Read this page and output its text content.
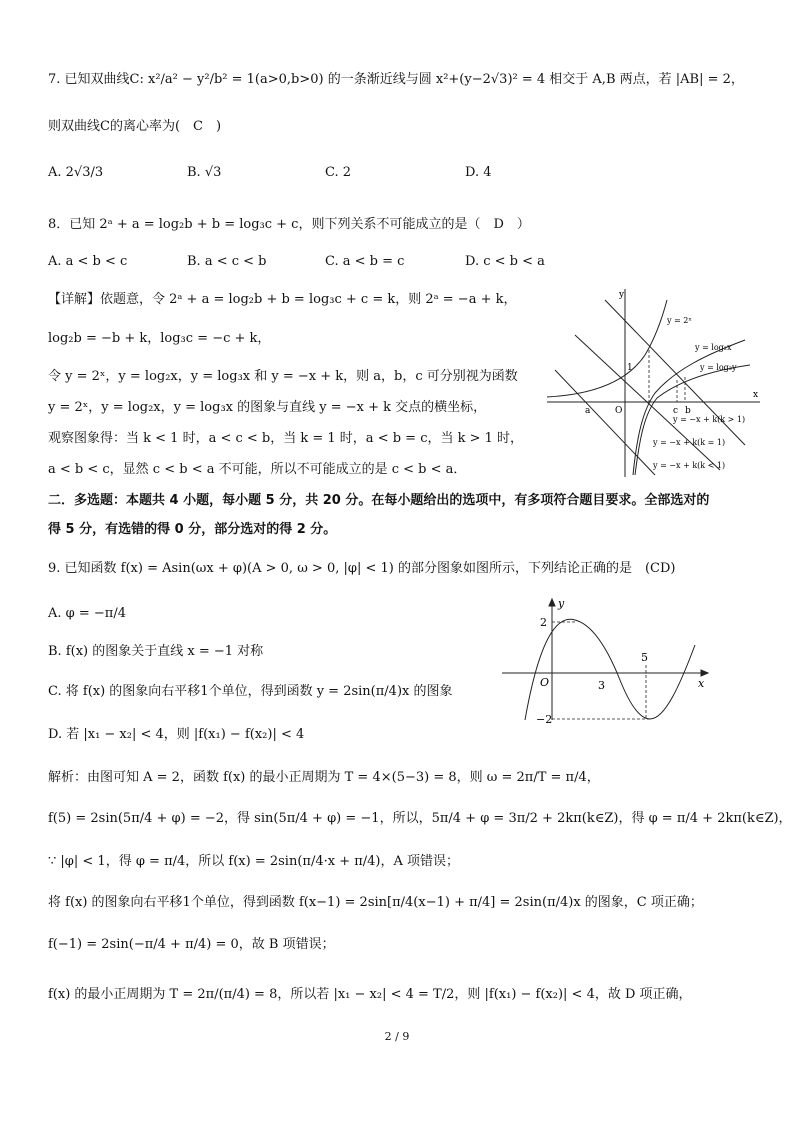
7. 已知双曲线C: x²/a² − y²/b² = 1(a>0,b>0) 的一条渐近线与圆 x²+(y−2√3)² = 4 相交于 A,B 两点，若 |AB| = 2，
则双曲线C的离心率为(　C　)
A. 2√3/3	B. √3	C. 2	D. 4
8．已知 2ᵃ + a = log₂b + b = log₃c + c，则下列关系不可能成立的是（　D　）
A. a < b < c	B. a < c < b	C. a < b = c	D. c < b < a
【详解】依题意，令 2ᵃ + a = log₂b + b = log₃c + c = k，则 2ᵃ = −a + k，
log₂b = −b + k，log₃c = −c + k，
令 y = 2ˣ，y = log₂x，y = log₃x 和 y = −x + k，则 a，b，c 可分别视为函数
y = 2ˣ，y = log₂x，y = log₃x 的图象与直线 y = −x + k 交点的横坐标，
观察图象得：当 k < 1 时，a < c < b，当 k = 1 时，a < b = c，当 k > 1 时，
a < b < c，显然 c < b < a 不可能，所以不可能成立的是 c < b < a．
y
x
O
1
a	c b
y = 2ˣ
y = log₂x
y = log₃y
y = −x + k(k > 1)
y = −x + k(k = 1)
y = −x + k(k < 1)
二．多选题：本题共 4 小题，每小题 5 分，共 20 分。在每小题给出的选项中，有多项符合题目要求。全部选对的
得 5 分，有选错的得 0 分，部分选对的得 2 分。
9. 已知函数 f(x) = Asin(ωx + φ)(A > 0, ω > 0, |φ| < 1) 的部分图象如图所示，下列结论正确的是　(CD)
A. φ = −π/4
B. f(x) 的图象关于直线 x = −1 对称
C. 将 f(x) 的图象向右平移1个单位，得到函数 y = 2sin(π/4)x 的图象
D. 若 |x₁ − x₂| < 4，则 |f(x₁) − f(x₂)| < 4
y
x
O
2
−2
3
5
解析：由图可知 A = 2，函数 f(x) 的最小正周期为 T = 4×(5−3) = 8，则 ω = 2π/T = π/4，
f(5) = 2sin(5π/4 + φ) = −2，得 sin(5π/4 + φ) = −1，所以，5π/4 + φ = 3π/2 + 2kπ(k∈Z)，得 φ = π/4 + 2kπ(k∈Z)，
∵ |φ| < 1，得 φ = π/4，所以 f(x) = 2sin(π/4·x + π/4)，A 项错误；
将 f(x) 的图象向右平移1个单位，得到函数 f(x−1) = 2sin[π/4(x−1) + π/4] = 2sin(π/4)x 的图象，C 项正确；
f(−1) = 2sin(−π/4 + π/4) = 0，故 B 项错误；
f(x) 的最小正周期为 T = 2π/(π/4) = 8，所以若 |x₁ − x₂| < 4 = T/2，则 |f(x₁) − f(x₂)| < 4，故 D 项正确，
2 / 9
